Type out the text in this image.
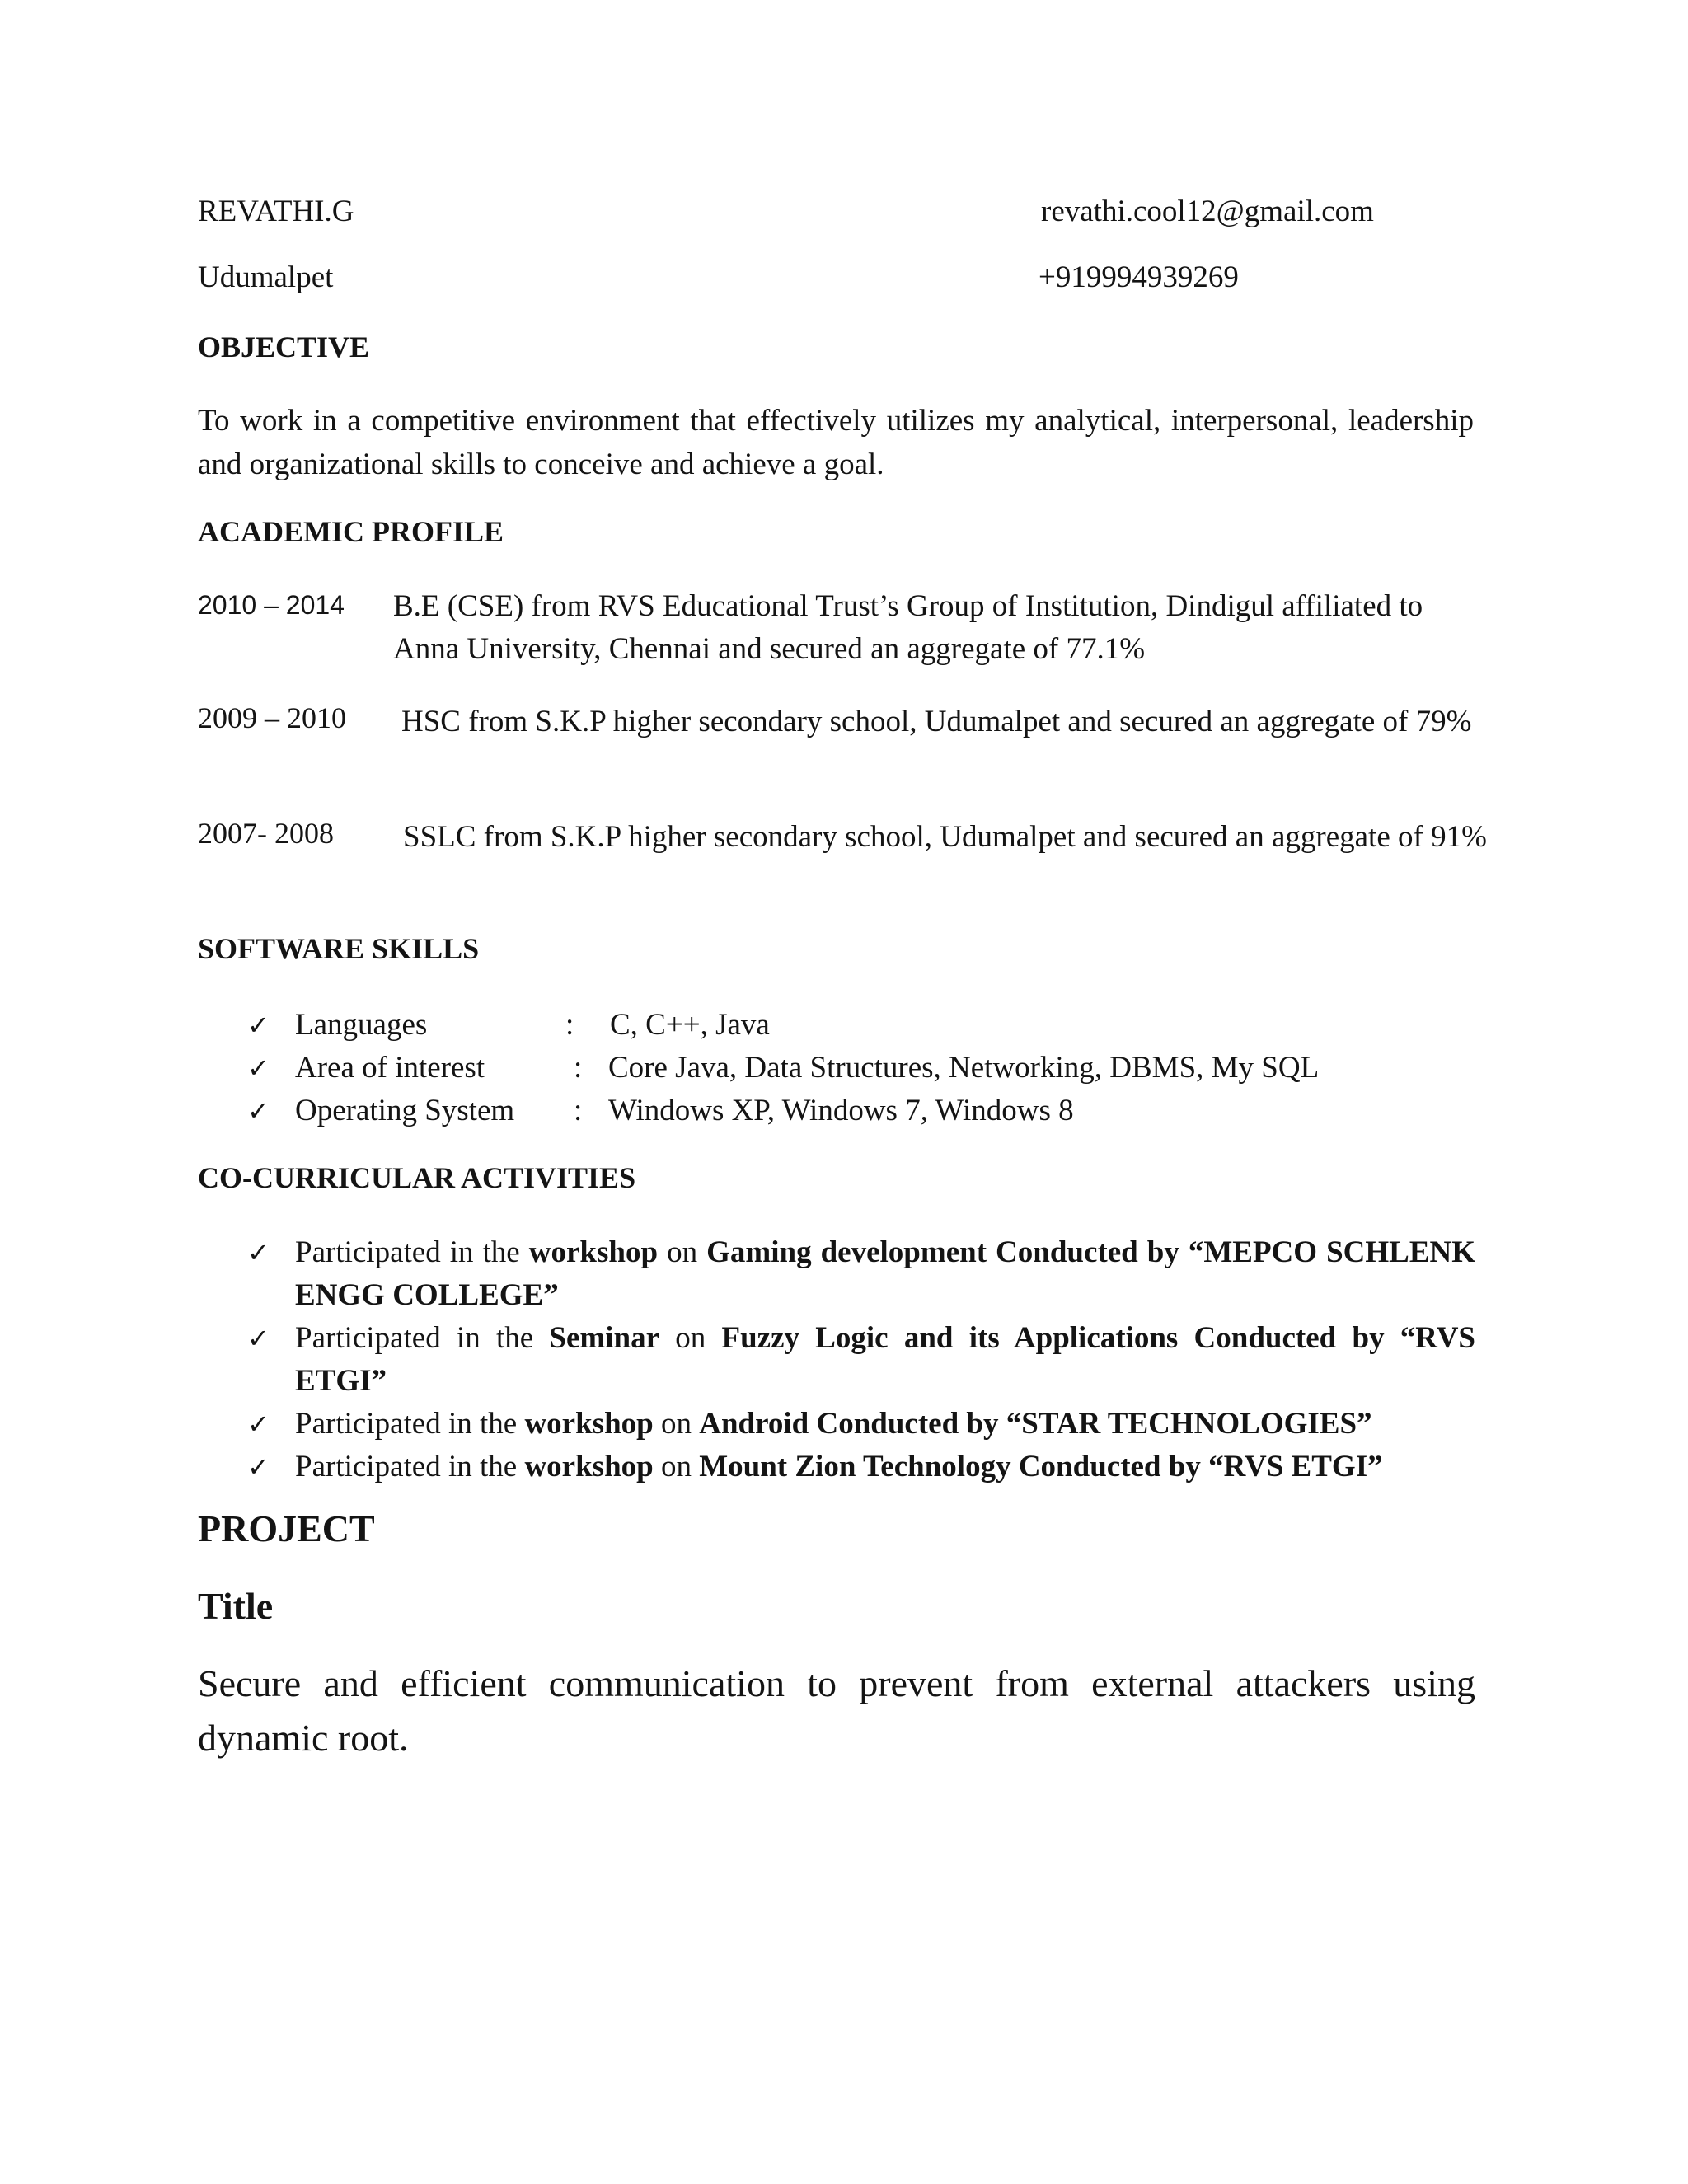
REVATHI.G	revathi.cool12@gmail.com
Udumalpet	+919994939269
OBJECTIVE
To work in a competitive environment that effectively utilizes my analytical, interpersonal, leadership and organizational skills to conceive and achieve a goal.
ACADEMIC PROFILE
2010 – 2014 B.E (CSE) from RVS Educational Trust’s Group of Institution, Dindigul affiliated to Anna University, Chennai and secured an aggregate of 77.1%
2009 – 2010 HSC from S.K.P higher secondary school, Udumalpet and secured an aggregate of 79%
2007- 2008	SSLC from S.K.P higher secondary school, Udumalpet and secured an aggregate of 91%
SOFTWARE SKILLS
✓ Languages	: C, C++, Java
✓ Area of interest	: Core Java, Data Structures, Networking, DBMS, My SQL
✓ Operating System : Windows XP, Windows 7, Windows 8
CO-CURRICULAR ACTIVITIES
✓ Participated in the workshop on Gaming development Conducted by “MEPCO SCHLENK ENGG COLLEGE”
✓ Participated in the Seminar on Fuzzy Logic and its Applications Conducted by “RVS ETGI”
✓ Participated in the workshop on Android Conducted by “STAR TECHNOLOGIES”
✓ Participated in the workshop on Mount Zion Technology Conducted by “RVS ETGI”
PROJECT
Title
Secure and efficient communication to prevent from external attackers using dynamic root.
